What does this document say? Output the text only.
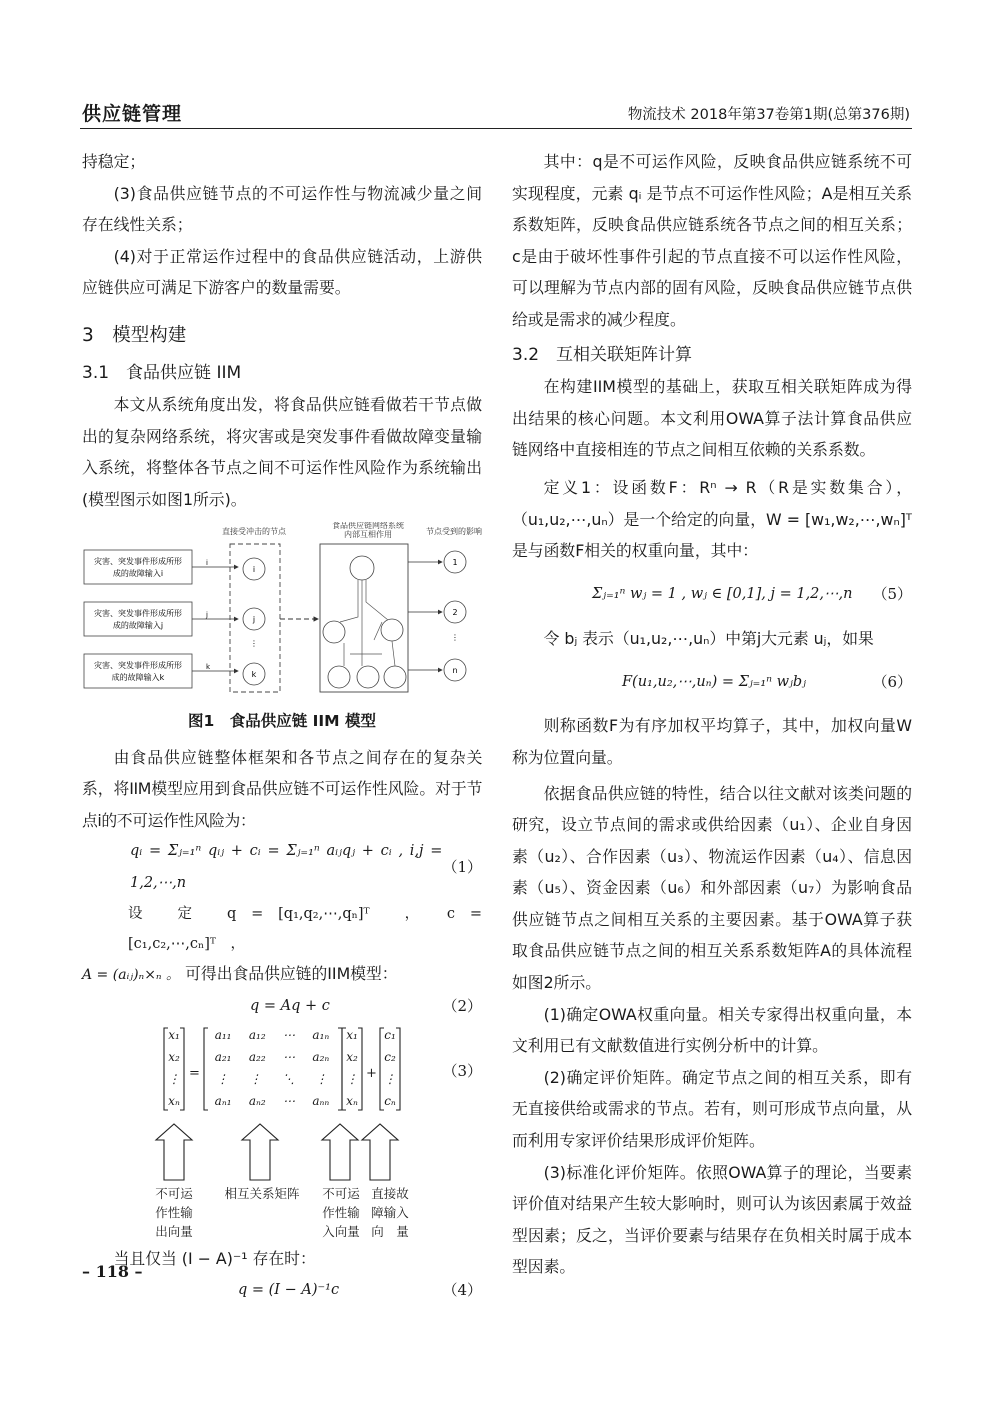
供应链管理	物流技术 2018年第37卷第1期(总第376期)

持稳定；

(3)食品供应链节点的不可运作性与物流减少量之间存在线性关系；

(4)对于正常运作过程中的食品供应链活动，上游供应链供应可满足下游客户的数量需要。

3　模型构建

3.1　食品供应链 IIM

本文从系统角度出发，将食品供应链看做若干节点做出的复杂网络系统，将灾害或是突发事件看做故障变量输入系统，将整体各节点之间不可运作性风险作为系统输出(模型图示如图1所示)。

直接受冲击的节点
食品供应链网络系统
内部互相作用	节点受到的影响
灾害、突发事件形成所形
成的故障输入i
灾害、突发事件形成所形
成的故障输入j
灾害、突发事件形成所形
成的故障输入k
i
j
k
i
j
⋮
k
1
2
⋮
n
图1　食品供应链 IIM 模型

由食品供应链整体框架和各节点之间存在的复杂关系，将IIM模型应用到食品供应链不可运作性风险。对于节点i的不可运作性风险为：

qᵢ = Σⱼ₌₁ⁿ qᵢⱼ + cᵢ = Σⱼ₌₁ⁿ aᵢⱼqⱼ + cᵢ , i,j = 1,2,⋯,n
（1）

设　定　q = [q₁,q₂,⋯,qₙ]ᵀ　，　c = [c₁,c₂,⋯,cₙ]ᵀ　，

A = (aᵢⱼ)ₙ×ₙ 。 可得出食品供应链的IIM模型：

q = Aq + c	（2）
x₁
x₂
⋮
xₙ
=
a₁₁ a₁₂ ⋯ a₁ₙ
a₂₁ a₂₂ ⋯ a₂ₙ
⋮ ⋮ ⋱ ⋮
aₙ₁ aₙ₂ ⋯ aₙₙ
x₁
x₂
⋮
xₙ
+
c₁
c₂
⋮
cₙ
（3）
不可运作性输出向量
相互关系矩阵	不可运作性输入向量
直接故障输入向　量

当且仅当 (I − A)⁻¹ 存在时：

q = (I − A)⁻¹c	（4）

其中：q是不可运作风险，反映食品供应链系统不可实现程度，元素 qᵢ 是节点不可运作性风险；A是相互关系系数矩阵，反映食品供应链系统各节点之间的相互关系；c是由于破坏性事件引起的节点直接不可以运作性风险，可以理解为节点内部的固有风险，反映食品供应链节点供给或是需求的减少程度。

3.2　互相关联矩阵计算

在构建IIM模型的基础上，获取互相关联矩阵成为得出结果的核心问题。本文利用OWA算子法计算食品供应链网络中直接相连的节点之间相互依赖的关系系数。

定义1：设函数F：Rⁿ → R（R是实数集合），（u₁,u₂,⋯,uₙ）是一个给定的向量，W = [w₁,w₂,⋯,wₙ]ᵀ 是与函数F相关的权重向量，其中：

Σⱼ₌₁ⁿ wⱼ = 1 , wⱼ ∈ [0,1], j = 1,2,⋯,n （5）

令 bⱼ 表示（u₁,u₂,⋯,uₙ）中第j大元素 uⱼ，如果

F(u₁,u₂,⋯,uₙ) = Σⱼ₌₁ⁿ wⱼbⱼ	（6）

则称函数F为有序加权平均算子，其中，加权向量W称为位置向量。

依据食品供应链的特性，结合以往文献对该类问题的研究，设立节点间的需求或供给因素（u₁）、企业自身因素（u₂）、合作因素（u₃）、物流运作因素（u₄）、信息因素（u₅）、资金因素（u₆）和外部因素（u₇）为影响食品供应链节点之间相互关系的主要因素。基于OWA算子获取食品供应链节点之间的相互关系系数矩阵A的具体流程如图2所示。

(1)确定OWA权重向量。相关专家得出权重向量，本文利用已有文献数值进行实例分析中的计算。

(2)确定评价矩阵。确定节点之间的相互关系，即有无直接供给或需求的节点。若有，则可形成节点向量，从而利用专家评价结果形成评价矩阵。

(3)标准化评价矩阵。依照OWA算子的理论，当要素评价值对结果产生较大影响时，则可认为该因素属于效益型因素；反之，当评价要素与结果存在负相关时属于成本型因素。

– 118 –
